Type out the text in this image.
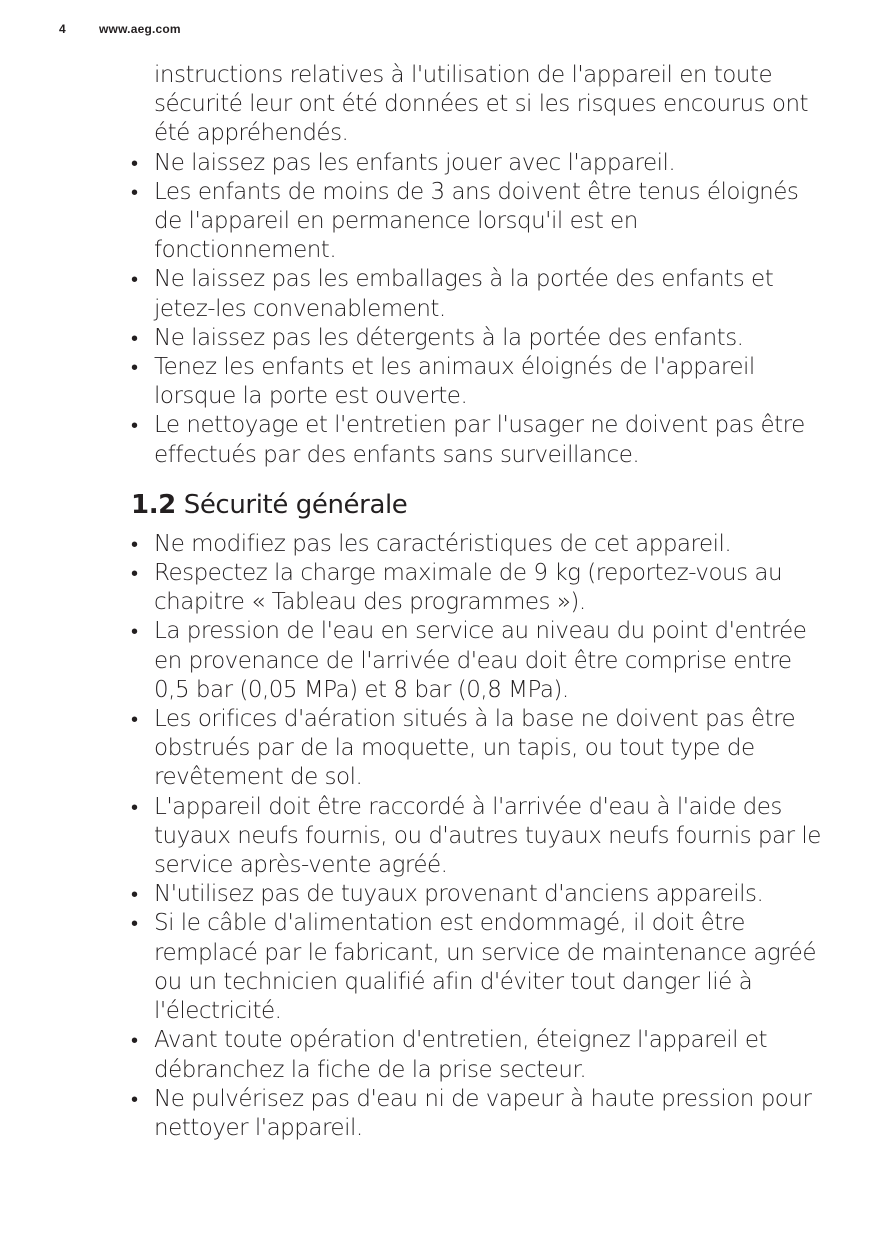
4	www.aeg.com

instructions relatives à l'utilisation de l'appareil en toute sécurité leur ont été données et si les risques encourus ont été appréhendés.

• Ne laissez pas les enfants jouer avec l'appareil.
• Les enfants de moins de 3 ans doivent être tenus éloignés de l'appareil en permanence lorsqu'il est en fonctionnement.
• Ne laissez pas les emballages à la portée des enfants et jetez-les convenablement.
• Ne laissez pas les détergents à la portée des enfants.
• Tenez les enfants et les animaux éloignés de l'appareil lorsque la porte est ouverte.
• Le nettoyage et l'entretien par l'usager ne doivent pas être effectués par des enfants sans surveillance.
1.2 Sécurité générale
• Ne modifiez pas les caractéristiques de cet appareil.
• Respectez la charge maximale de 9 kg (reportez-vous au chapitre « Tableau des programmes »).
• La pression de l'eau en service au niveau du point d'entrée en provenance de l'arrivée d'eau doit être comprise entre 0,5 bar (0,05 MPa) et 8 bar (0,8 MPa).
• Les orifices d'aération situés à la base ne doivent pas être obstrués par de la moquette, un tapis, ou tout type de revêtement de sol.
• L'appareil doit être raccordé à l'arrivée d'eau à l'aide des tuyaux neufs fournis, ou d'autres tuyaux neufs fournis par le service après-vente agréé.
• N'utilisez pas de tuyaux provenant d'anciens appareils.
• Si le câble d'alimentation est endommagé, il doit être remplacé par le fabricant, un service de maintenance agréé ou un technicien qualifié afin d'éviter tout danger lié à l'électricité.
• Avant toute opération d'entretien, éteignez l'appareil et débranchez la fiche de la prise secteur.
• Ne pulvérisez pas d'eau ni de vapeur à haute pression pour nettoyer l'appareil.
